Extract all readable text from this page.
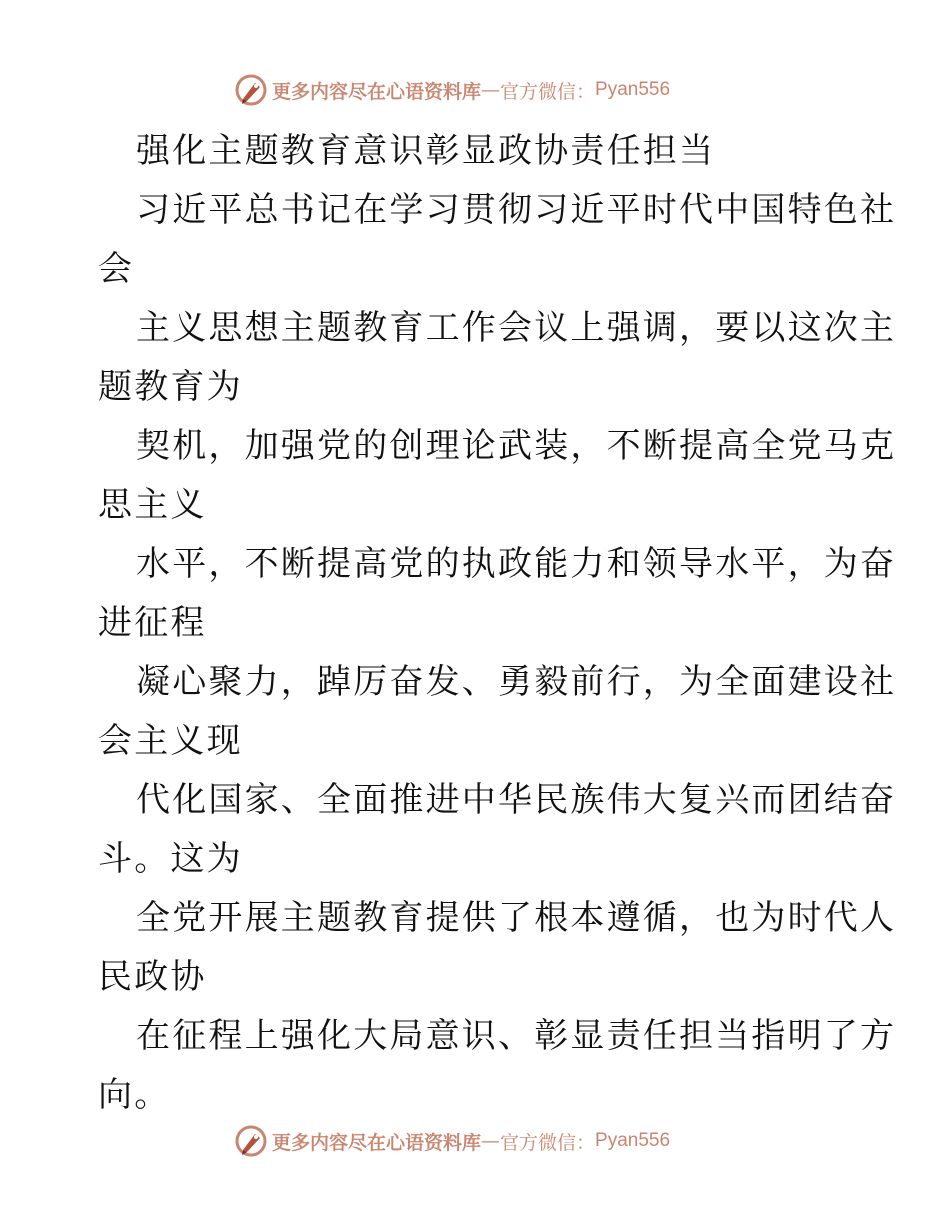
更多内容尽在心语资料库 — 官方微信： Pyan556
强化主题教育意识彰显政协责任担当
习近平总书记在学习贯彻习近平时代中国特色社
会
主义思想主题教育工作会议上强调，要以这次主
题教育为
契机，加强党的创理论武装，不断提高全党马克
思主义
水平，不断提高党的执政能力和领导水平，为奋
进征程
凝心聚力，踔厉奋发、勇毅前行，为全面建设社
会主义现
代化国家、全面推进中华民族伟大复兴而团结奋
斗。这为
全党开展主题教育提供了根本遵循，也为时代人
民政协
在征程上强化大局意识、彰显责任担当指明了方
向。
更多内容尽在心语资料库 — 官方微信： Pyan556
